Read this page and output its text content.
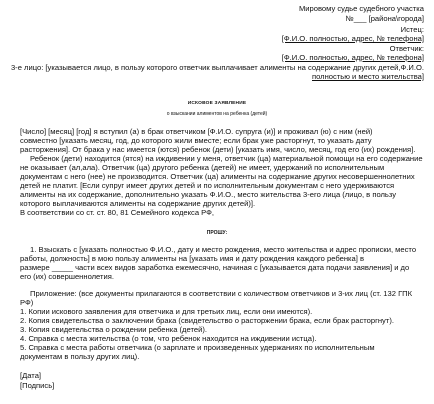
Мировому судье судебного участка
№___ [района\города]
Истец:
[Ф.И.О. полностью, адрес, № телефона]
Ответчик:
[Ф.И.О. полностью, адрес, № телефона]
3-е лицо: [указывается лицо, в пользу которого ответчик выплачивает алименты на содержание других детей,Ф.И.О.
полностью и место жительства]
ИСКОВОЕ ЗАЯВЛЕНИЕ
о взыскании алиментов на ребенка (детей)
[Число] [месяц] [год] я вступил (а) в брак ответчиком [Ф.И.О. супруга (и)] и проживал (ю) с ним (ней)
совместно [указать месяц, год, до которого жили вместе; если брак уже расторгнут, то указать дату
расторжения]. От брака у нас имеется (ются) ребенок (дети) [указать имя, число, месяц, год его (их) рождения].
Ребенок (дети) находится (ятся) на иждивении у меня, ответчик (ца) материальной помощи на его содержание
не оказывает (ал,ала). Ответчик (ца) другого ребенка (детей) не имеет, удержаний по исполнительным
документам с него (нее) не производится. Ответчик (ца) алименты на содержание других несовершеннолетних
детей не платит. [Если супруг имеет других детей и по исполнительным документам с него удерживаются
алименты на их содержание, дополнительно указать Ф.И.О., место жительства 3-его лица (лицо, в пользу
которого выплачиваются алименты на содержание других детей)].
В соответствии со ст. ст. 80, 81 Семейного кодекса РФ,
ПРОШУ:
1. Взыскать с [указать полностью Ф.И.О., дату и место рождения, место жительства и адрес прописки, место
работы, должность] в мою пользу алименты на [указать имя и дату рождения каждого ребенка] в
размере _____ части всех видов заработка ежемесячно, начиная с [указывается дата подачи заявления] и до
его (их) совершеннолетия.
Приложение: (все документы прилагаются в соответствии с количеством ответчиков и 3-их лиц (ст. 132 ГПК
РФ)
1. Копии искового заявления для ответчика и для третьих лиц, если они имеются).
2. Копия свидетельства о заключении брака (свидетельство о расторжении брака, если брак расторгнут).
3. Копия свидетельства о рождении ребенка (детей).
4. Справка с места жительства (о том, что ребенок находится на иждивении истца).
5. Справка с места работы ответчика (о зарплате и произведенных удержаниях по исполнительным
документам в пользу других лиц).
[Дата]
[Подпись]
